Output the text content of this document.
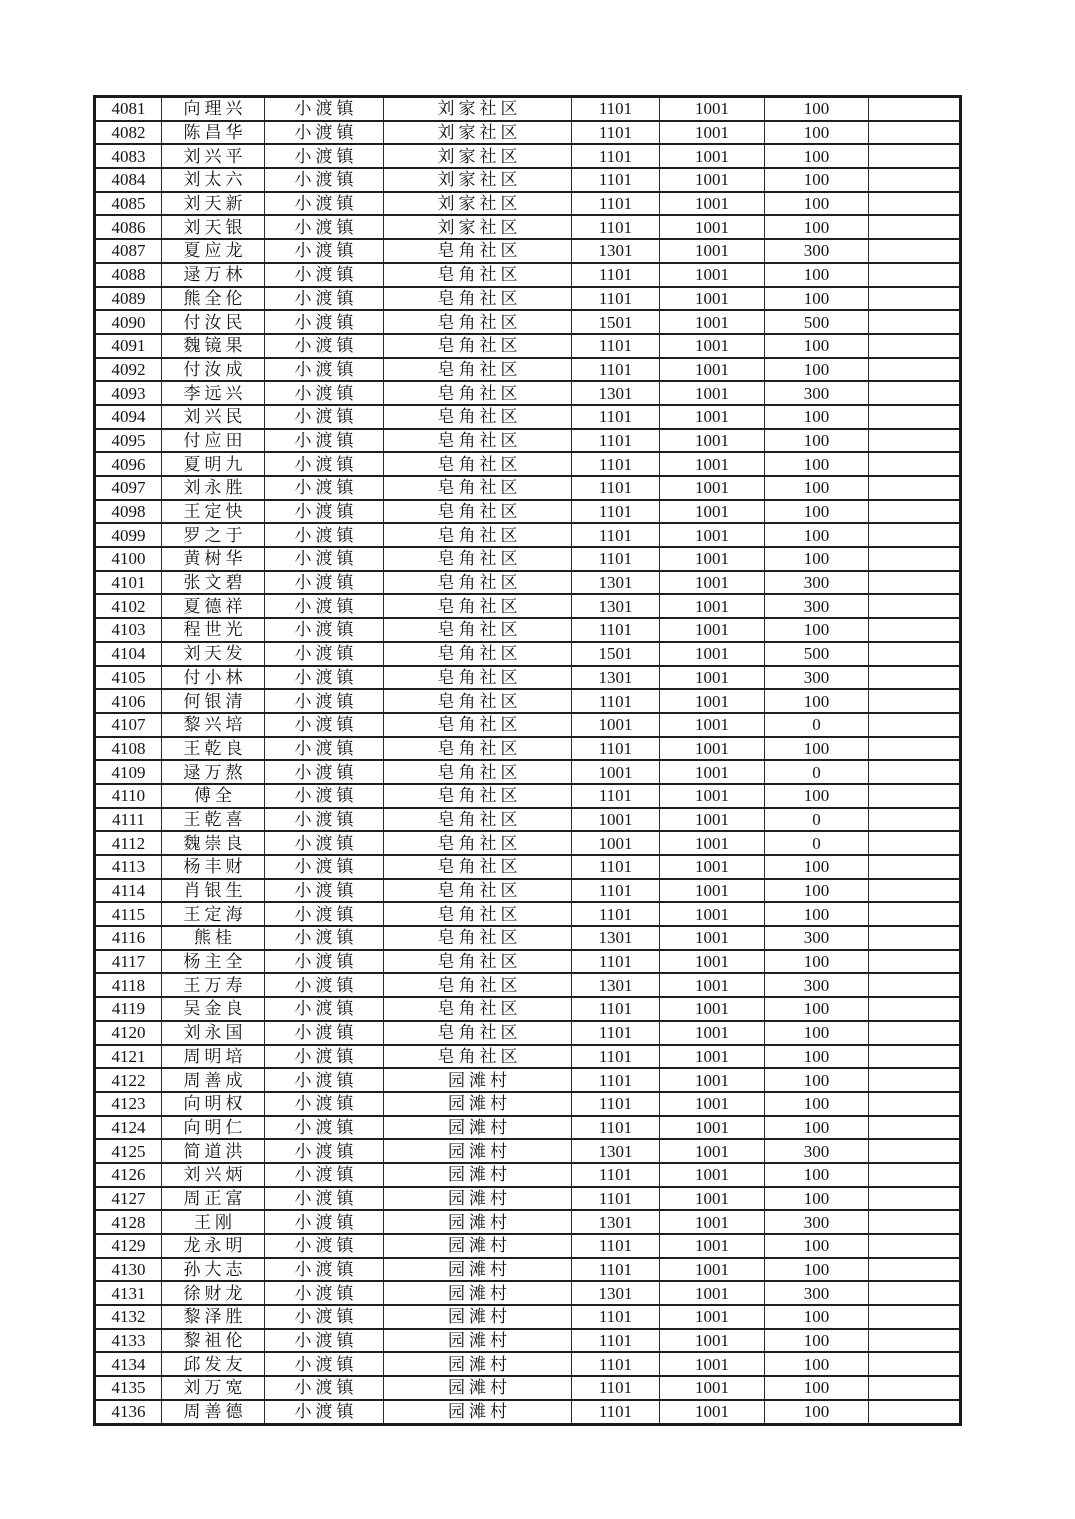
4081	向理兴	小渡镇	刘家社区	1101	1001	100	
4082	陈昌华	小渡镇	刘家社区	1101	1001	100	
4083	刘兴平	小渡镇	刘家社区	1101	1001	100	
4084	刘太六	小渡镇	刘家社区	1101	1001	100	
4085	刘天新	小渡镇	刘家社区	1101	1001	100	
4086	刘天银	小渡镇	刘家社区	1101	1001	100	
4087	夏应龙	小渡镇	皂角社区	1301	1001	300	
4088	逯万林	小渡镇	皂角社区	1101	1001	100	
4089	熊全伦	小渡镇	皂角社区	1101	1001	100	
4090	付汝民	小渡镇	皂角社区	1501	1001	500	
4091	魏镜果	小渡镇	皂角社区	1101	1001	100	
4092	付汝成	小渡镇	皂角社区	1101	1001	100	
4093	李远兴	小渡镇	皂角社区	1301	1001	300	
4094	刘兴民	小渡镇	皂角社区	1101	1001	100	
4095	付应田	小渡镇	皂角社区	1101	1001	100	
4096	夏明九	小渡镇	皂角社区	1101	1001	100	
4097	刘永胜	小渡镇	皂角社区	1101	1001	100	
4098	王定快	小渡镇	皂角社区	1101	1001	100	
4099	罗之于	小渡镇	皂角社区	1101	1001	100	
4100	黄树华	小渡镇	皂角社区	1101	1001	100	
4101	张文碧	小渡镇	皂角社区	1301	1001	300	
4102	夏德祥	小渡镇	皂角社区	1301	1001	300	
4103	程世光	小渡镇	皂角社区	1101	1001	100	
4104	刘天发	小渡镇	皂角社区	1501	1001	500	
4105	付小林	小渡镇	皂角社区	1301	1001	300	
4106	何银清	小渡镇	皂角社区	1101	1001	100	
4107	黎兴培	小渡镇	皂角社区	1001	1001	0	
4108	王乾良	小渡镇	皂角社区	1101	1001	100	
4109	逯万熬	小渡镇	皂角社区	1001	1001	0	
4110	傅全	小渡镇	皂角社区	1101	1001	100	
4111	王乾喜	小渡镇	皂角社区	1001	1001	0	
4112	魏崇良	小渡镇	皂角社区	1001	1001	0	
4113	杨丰财	小渡镇	皂角社区	1101	1001	100	
4114	肖银生	小渡镇	皂角社区	1101	1001	100	
4115	王定海	小渡镇	皂角社区	1101	1001	100	
4116	熊桂	小渡镇	皂角社区	1301	1001	300	
4117	杨主全	小渡镇	皂角社区	1101	1001	100	
4118	王万寿	小渡镇	皂角社区	1301	1001	300	
4119	吴金良	小渡镇	皂角社区	1101	1001	100	
4120	刘永国	小渡镇	皂角社区	1101	1001	100	
4121	周明培	小渡镇	皂角社区	1101	1001	100	
4122	周善成	小渡镇	园滩村	1101	1001	100	
4123	向明权	小渡镇	园滩村	1101	1001	100	
4124	向明仁	小渡镇	园滩村	1101	1001	100	
4125	简道洪	小渡镇	园滩村	1301	1001	300	
4126	刘兴炳	小渡镇	园滩村	1101	1001	100	
4127	周正富	小渡镇	园滩村	1101	1001	100	
4128	王刚	小渡镇	园滩村	1301	1001	300	
4129	龙永明	小渡镇	园滩村	1101	1001	100	
4130	孙大志	小渡镇	园滩村	1101	1001	100	
4131	徐财龙	小渡镇	园滩村	1301	1001	300	
4132	黎泽胜	小渡镇	园滩村	1101	1001	100	
4133	黎祖伦	小渡镇	园滩村	1101	1001	100	
4134	邱发友	小渡镇	园滩村	1101	1001	100	
4135	刘万宽	小渡镇	园滩村	1101	1001	100	
4136	周善德	小渡镇	园滩村	1101	1001	100	
